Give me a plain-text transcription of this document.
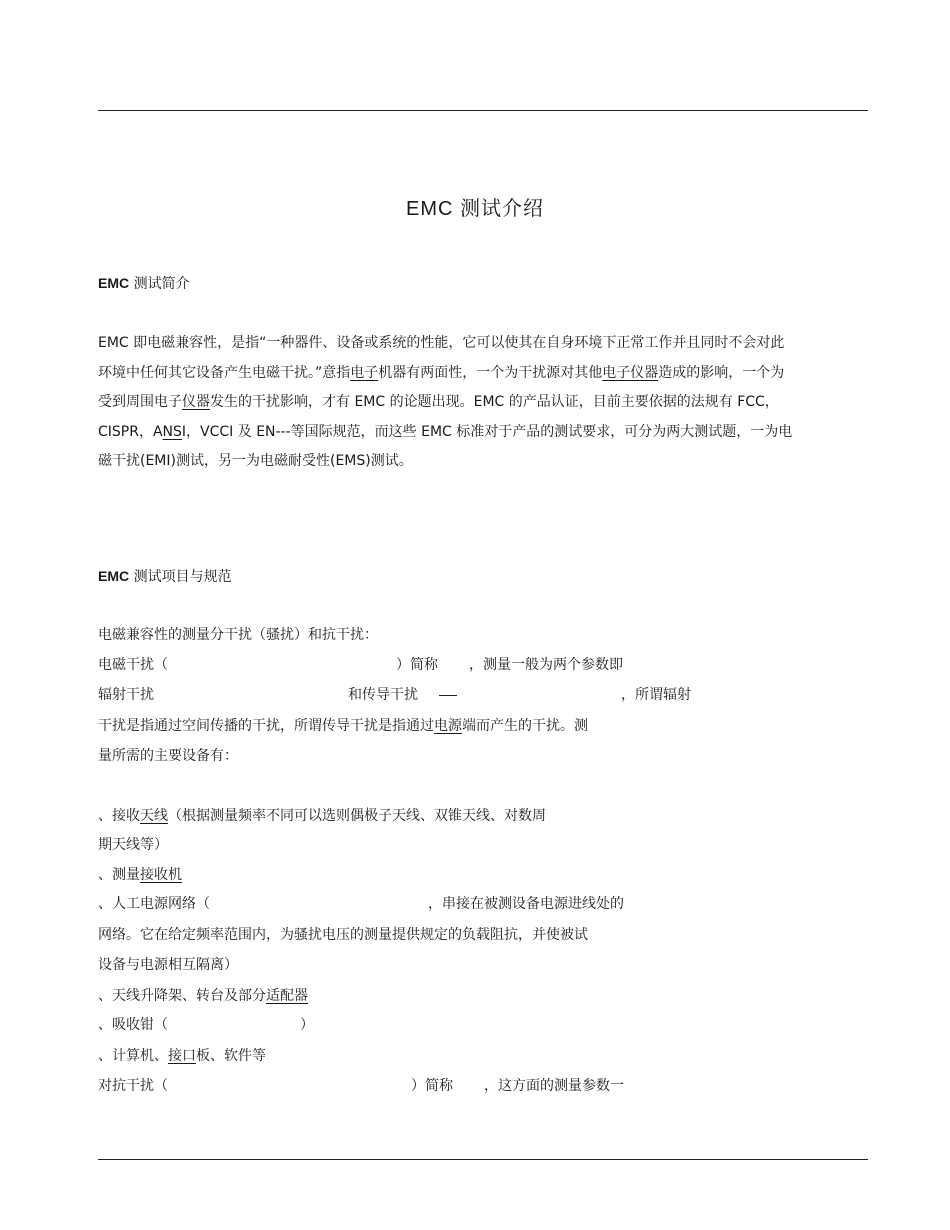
EMC 测试介绍
EMC 测试简介
EMC 即电磁兼容性，是指“一种器件、设备或系统的性能，它可以使其在自身环境下正常工作并且同时不会对此
环境中任何其它设备产生电磁干扰。”意指电子机器有两面性，一个为干扰源对其他电子仪器造成的影响，一个为
受到周围电子仪器发生的干扰影响，才有 EMC 的论题出现。EMC 的产品认证，目前主要依据的法规有 FCC，
CISPR，ANSI，VCCI 及 EN---等国际规范，而这些 EMC 标准对于产品的测试要求，可分为两大测试题，一为电
磁干扰(EMI)测试，另一为电磁耐受性(EMS)测试。
EMC 测试项目与规范
电磁兼容性的测量分干扰（骚扰）和抗干扰：
电磁干扰（	）简称 ，测量一般为两个参数即
辐射干扰	和传导干扰	，所谓辐射
干扰是指通过空间传播的干扰，所谓传导干扰是指通过电源端而产生的干扰。测
量所需的主要设备有：
、接收天线（根据测量频率不同可以选则偶极子天线、双锥天线、对数周
期天线等）
、测量接收机
、人工电源网络（
网络。它在给定频率范围内，为骚扰电压的测量提供规定的负载阻抗，并使被试
设备与电源相互隔离）
、天线升降架、转台及部分适配器
、吸收钳（
、计算机、接口板、软件等
，串接在被测设备电源进线处的
）
对抗干扰（	）简称 ，这方面的测量参数一
